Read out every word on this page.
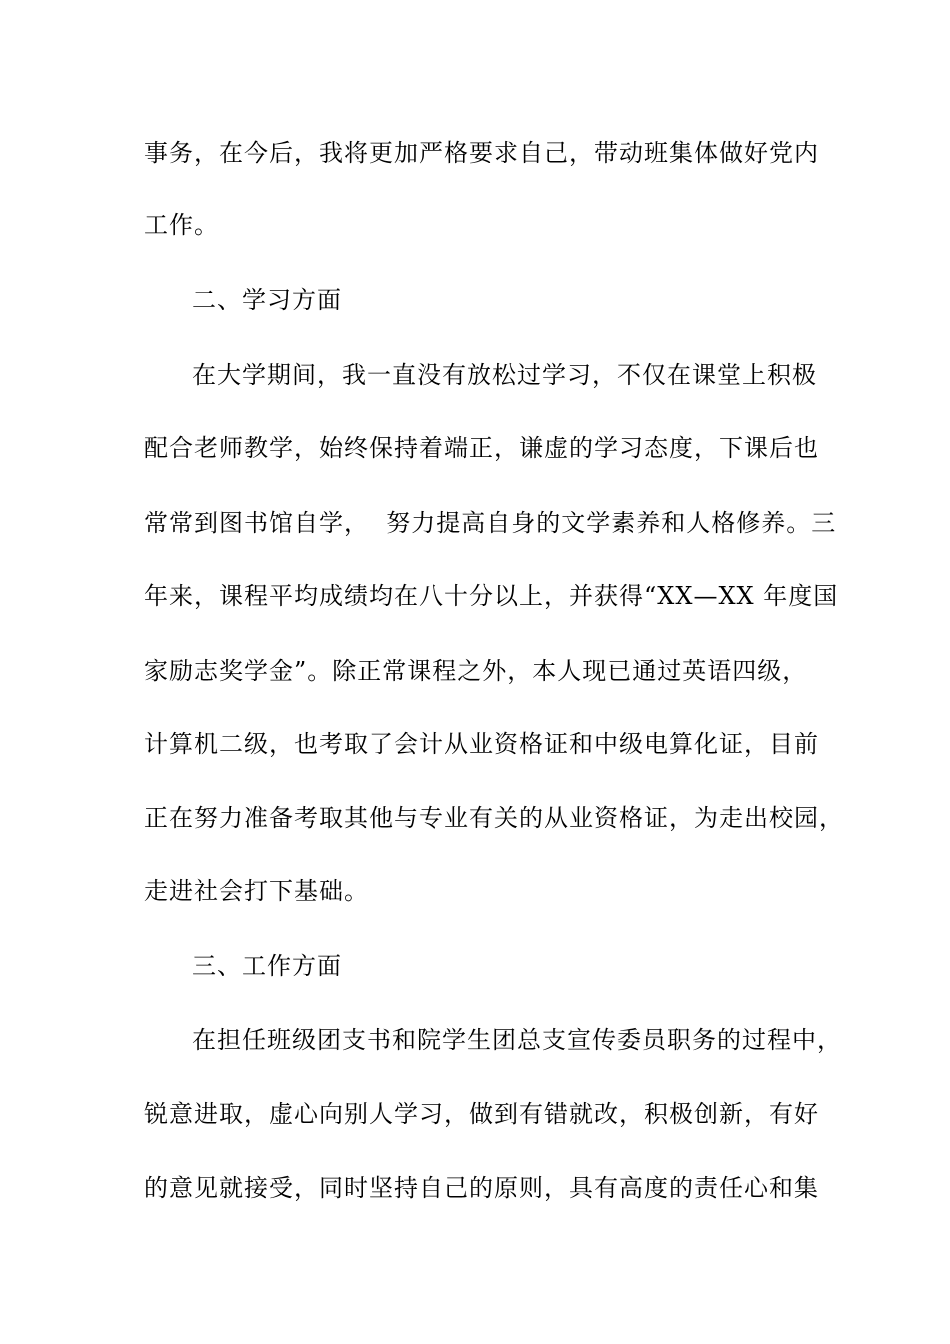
事务，在今后，我将更加严格要求自己，带动班集体做好党内
工作。
二、学习方面
在大学期间，我一直没有放松过学习，不仅在课堂上积极
配合老师教学，始终保持着端正，谦虚的学习态度，下课后也
常常到图书馆自学，  努力提高自身的文学素养和人格修养。三
年来，课程平均成绩均在八十分以上，并获得“XX—XX 年度国
家励志奖学金”。除正常课程之外，本人现已通过英语四级，
计算机二级，也考取了会计从业资格证和中级电算化证，目前
正在努力准备考取其他与专业有关的从业资格证，为走出校园，
走进社会打下基础。
三、工作方面
在担任班级团支书和院学生团总支宣传委员职务的过程中，
锐意进取，虚心向别人学习，做到有错就改，积极创新，有好
的意见就接受，同时坚持自己的原则，具有高度的责任心和集
